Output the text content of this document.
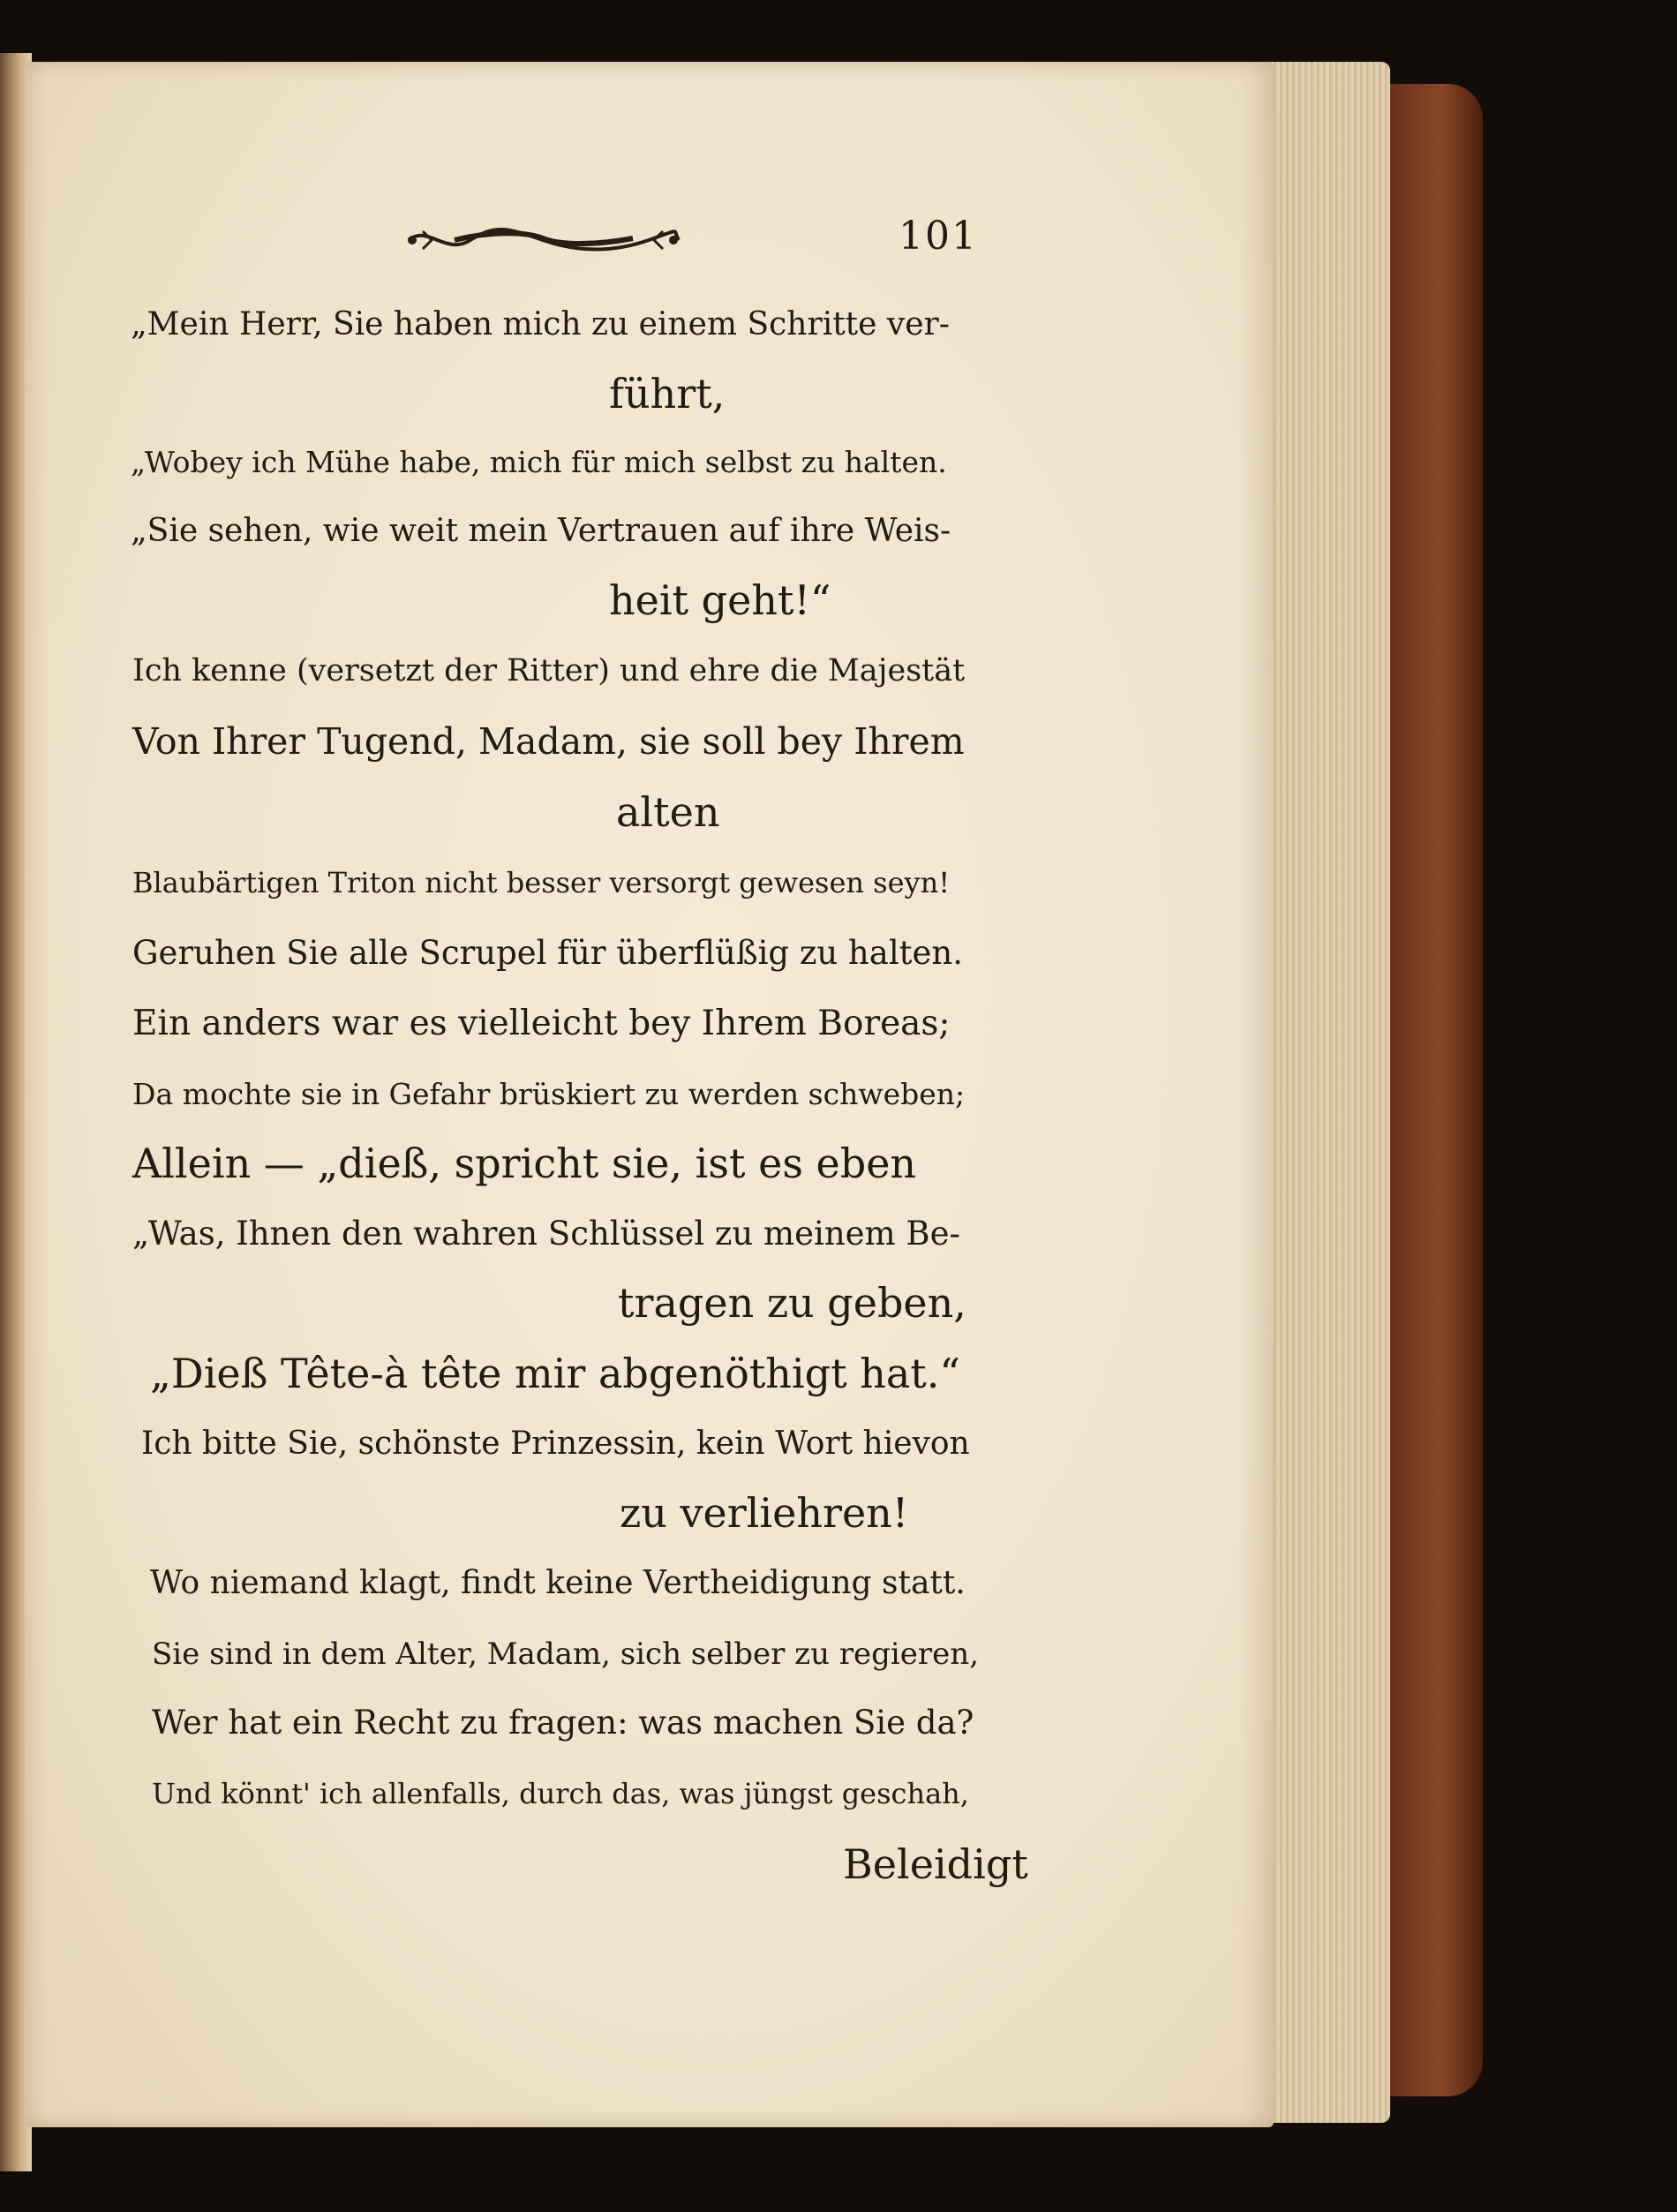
101
„Mein Herr, Sie haben mich zu einem Schritte ver-
führt,
„Wobey ich Mühe habe, mich für mich selbst zu halten.
„Sie sehen, wie weit mein Vertrauen auf ihre Weis-
heit geht!“
Ich kenne (versetzt der Ritter) und ehre die Majestät
Von Ihrer Tugend, Madam, sie soll bey Ihrem
alten
Blaubärtigen Triton nicht besser versorgt gewesen seyn!
Geruhen Sie alle Scrupel für überflüßig zu halten.
Ein anders war es vielleicht bey Ihrem Boreas;
Da mochte sie in Gefahr brüskiert zu werden schweben;
Allein — „dieß, spricht sie, ist es eben
„Was, Ihnen den wahren Schlüssel zu meinem Be-
tragen zu geben,
„Dieß Tête-à tête mir abgenöthigt hat.“
Ich bitte Sie, schönste Prinzessin, kein Wort hievon
zu verliehren!
Wo niemand klagt, findt keine Vertheidigung statt.
Sie sind in dem Alter, Madam, sich selber zu regieren,
Wer hat ein Recht zu fragen: was machen Sie da?
Und könnt' ich allenfalls, durch das, was jüngst geschah,
Beleidigt
